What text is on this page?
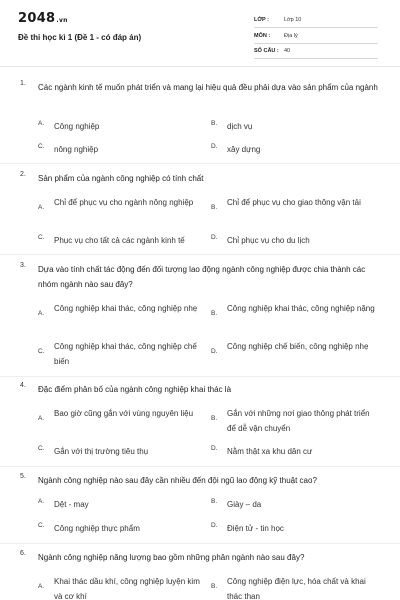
2048.vn
Đề thi học kì 1 (Đề 1 - có đáp án)
LỚP :	Lớp 10
MÔN :	Địa lý
SỐ CÂU : 40
1. Các ngành kinh tế muốn phát triển và mang lại hiệu quả đều phải dựa vào sản phẩm của ngành
A. Công nghiệp	B. dịch vụ
C. nông nghiệp	D. xây dựng
2. Sản phẩm của ngành công nghiệp có tính chất
A.
Chỉ để phục vụ cho ngành nông nghiệp
B.
Chỉ để phục vụ cho giao thông vận tải
C. Phục vụ cho tất cả các ngành kinh tế	D. Chỉ phục vụ cho du lịch
3. Dựa vào tính chất tác động đến đối tượng lao động ngành công nghiệp được chia thành các nhóm ngành nào sau đây?
A.
Công nghiệp khai thác, công nghiệp nhẹ
B.
Công nghiệp khai thác, công nghiệp nặng
C.
Công nghiệp khai thác, công nghiệp chế biến
D.
Công nghiệp chế biến, công nghiệp nhẹ
4. Đặc điểm phân bố của ngành công nghiệp khai thác là
A.
Bao giờ cũng gắn với vùng nguyên liệu
B.
Gắn với những nơi giao thông phát triển để dễ vận chuyển
C. Gắn với thị trường tiêu thụ	D. Nằm thật xa khu dân cư
5. Ngành công nghiệp nào sau đây cần nhiều đến đội ngũ lao động kỹ thuật cao?
A. Dệt - may	B. Giày – da
C. Công nghiệp thực phẩm	D. Điện tử - tin học
6. Ngành công nghiệp năng lượng bao gồm những phân ngành nào sau đây?
A.
Khai thác dầu khí, công nghiệp luyện kim và cơ khí
B.
Công nghiệp điện lực, hóa chất và khai thác than
